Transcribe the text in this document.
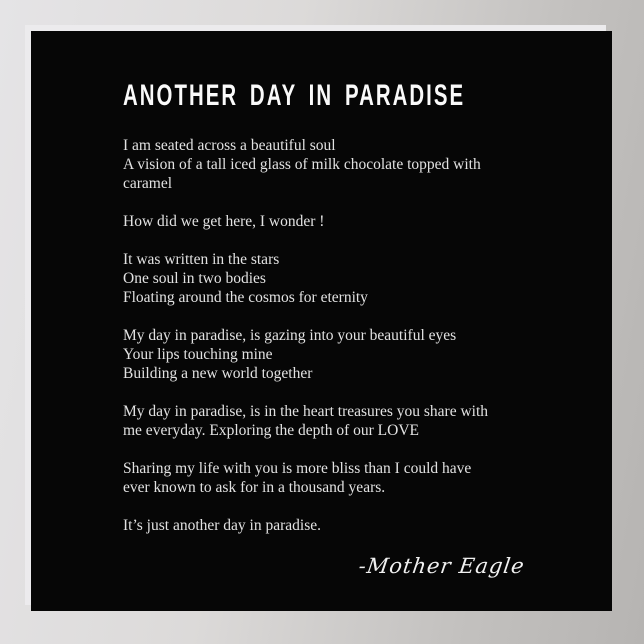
ANOTHER DAY IN PARADISE

I am seated across a beautiful soul
A vision of a tall iced glass of milk chocolate topped with
caramel

How did we get here, I wonder !

It was written in the stars
One soul in two bodies
Floating around the cosmos for eternity

My day in paradise, is gazing into your beautiful eyes
Your lips touching mine
Building a new world together

My day in paradise, is in the heart treasures you share with
me everyday. Exploring the depth of our LOVE

Sharing my life with you is more bliss than I could have
ever known to ask for in a thousand years.

It’s just another day in paradise.

-Mother Eagle
